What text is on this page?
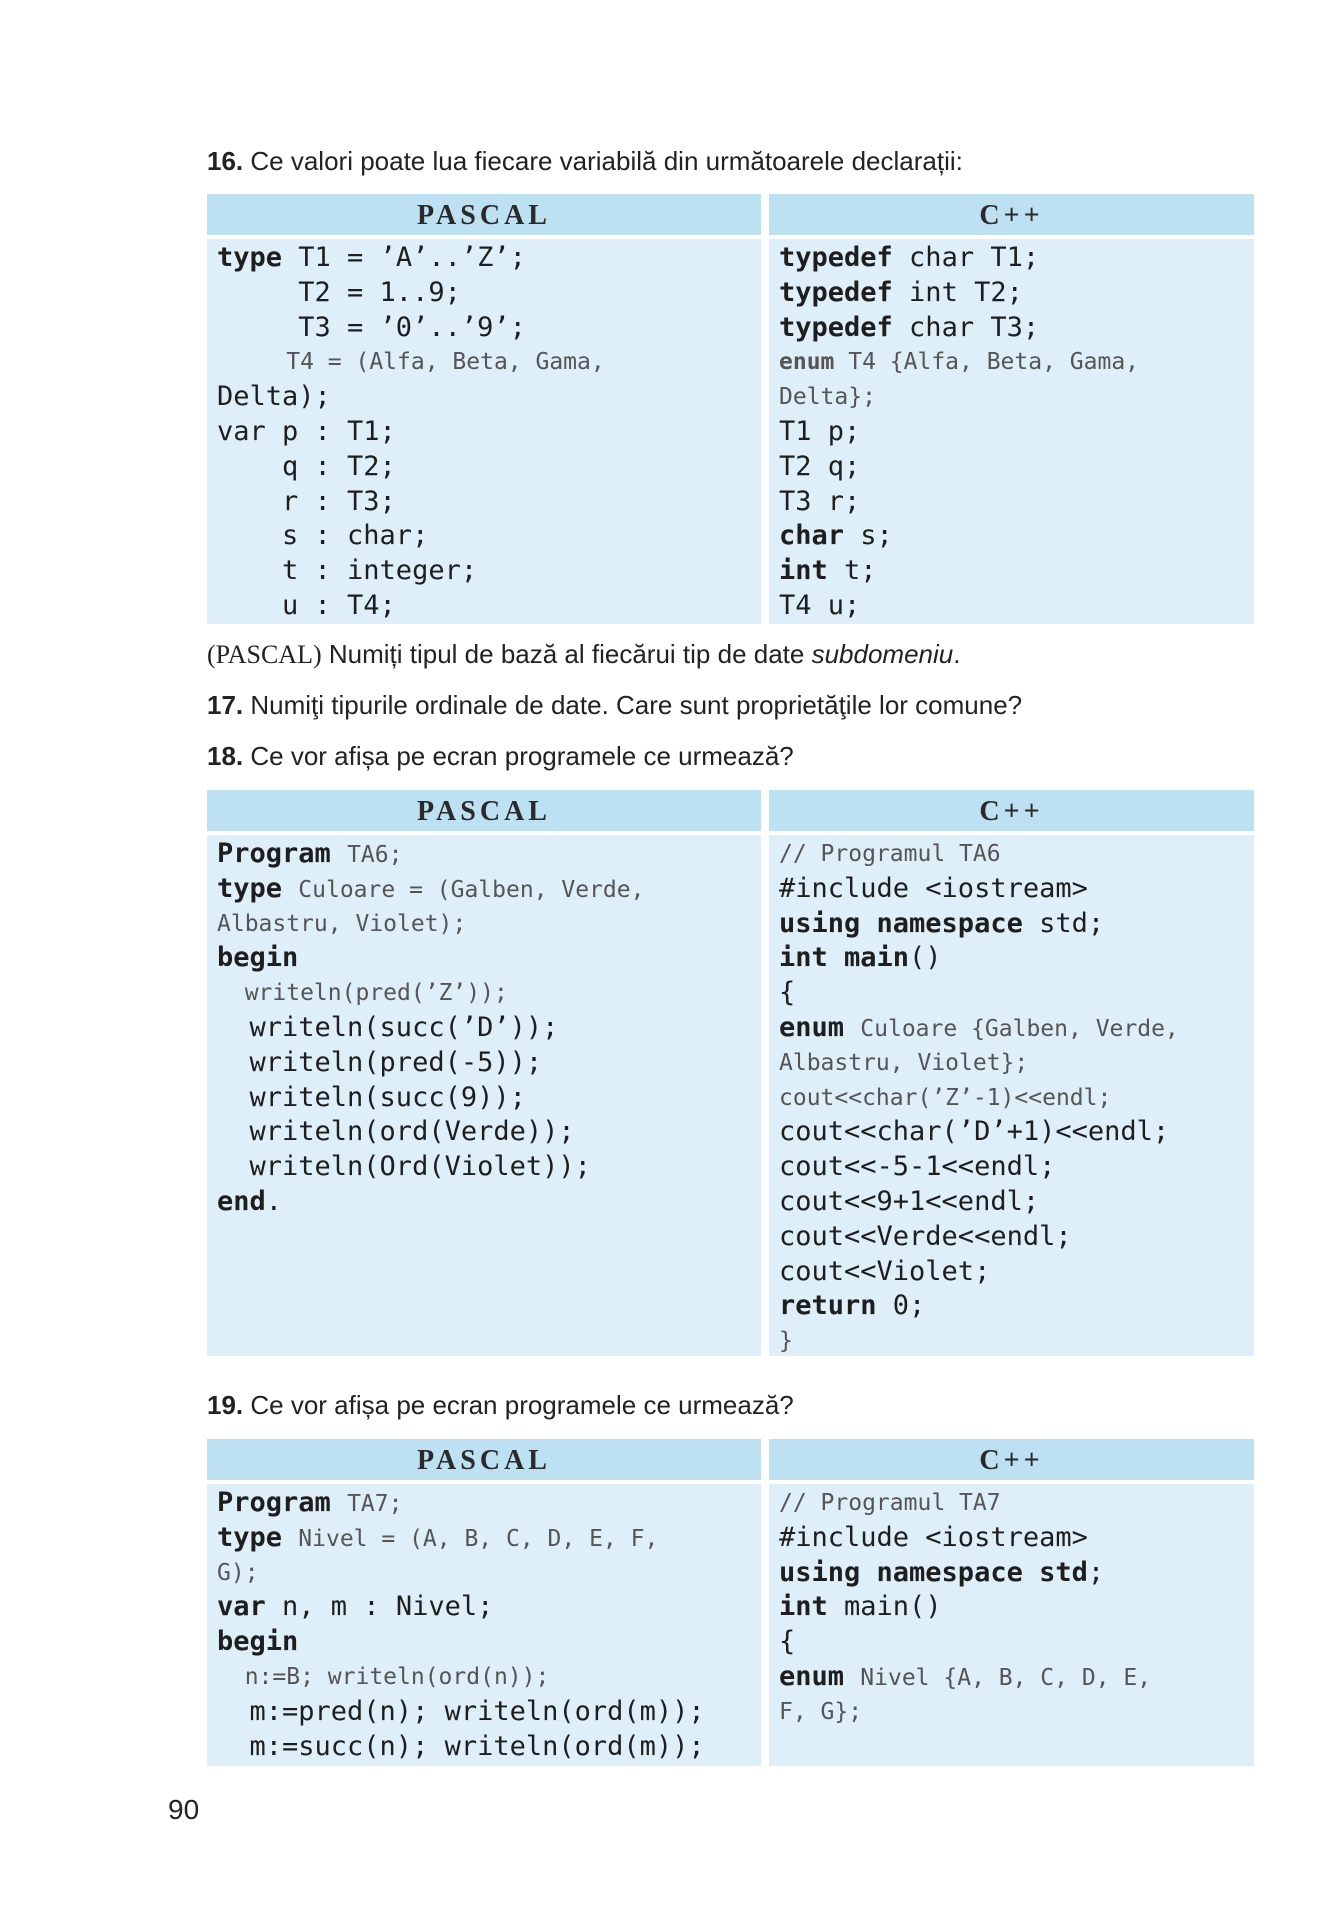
16. Ce valori poate lua fiecare variabilă din următoarele declarații:
PASCAL
type T1 = ’A’..’Z’;
T2 = 1..9;
T3 = ’0’..’9’;
T4 = (Alfa, Beta, Gama,
Delta);
var p : T1;
q : T2;
r : T3;
s : char;
t : integer;
u : T4;
C++
typedef char T1;
typedef int T2;
typedef char T3;
enum T4 {Alfa, Beta, Gama,
Delta};
T1 p;
T2 q;
T3 r;
char s;
int t;
T4 u;
(PASCAL) Numiți tipul de bază al fiecărui tip de date subdomeniu.
17. Numiţi tipurile ordinale de date. Care sunt proprietăţile lor comune?
18. Ce vor afișa pe ecran programele ce urmează?
PASCAL
Program TA6;
type Culoare = (Galben, Verde,
Albastru, Violet);
begin
writeln(pred(’Z’));
writeln(succ(’D’));
writeln(pred(-5));
writeln(succ(9));
writeln(ord(Verde));
writeln(Ord(Violet));
end.
C++
// Programul TA6
#include <iostream>
using namespace std;
int main()
{
enum Culoare {Galben, Verde,
Albastru, Violet};
cout<<char(’Z’-1)<<endl;
cout<<char(’D’+1)<<endl;
cout<<-5-1<<endl;
cout<<9+1<<endl;
cout<<Verde<<endl;
cout<<Violet;
return 0;
}
19. Ce vor afișa pe ecran programele ce urmează?
PASCAL
Program TA7;
type Nivel = (A, B, C, D, E, F,
G);
var n, m : Nivel;
begin
n:=B; writeln(ord(n));
m:=pred(n); writeln(ord(m));
m:=succ(n); writeln(ord(m));
C++
// Programul TA7
#include <iostream>
using namespace std;
int main()
{
enum Nivel {A, B, C, D, E,
F, G};
90
